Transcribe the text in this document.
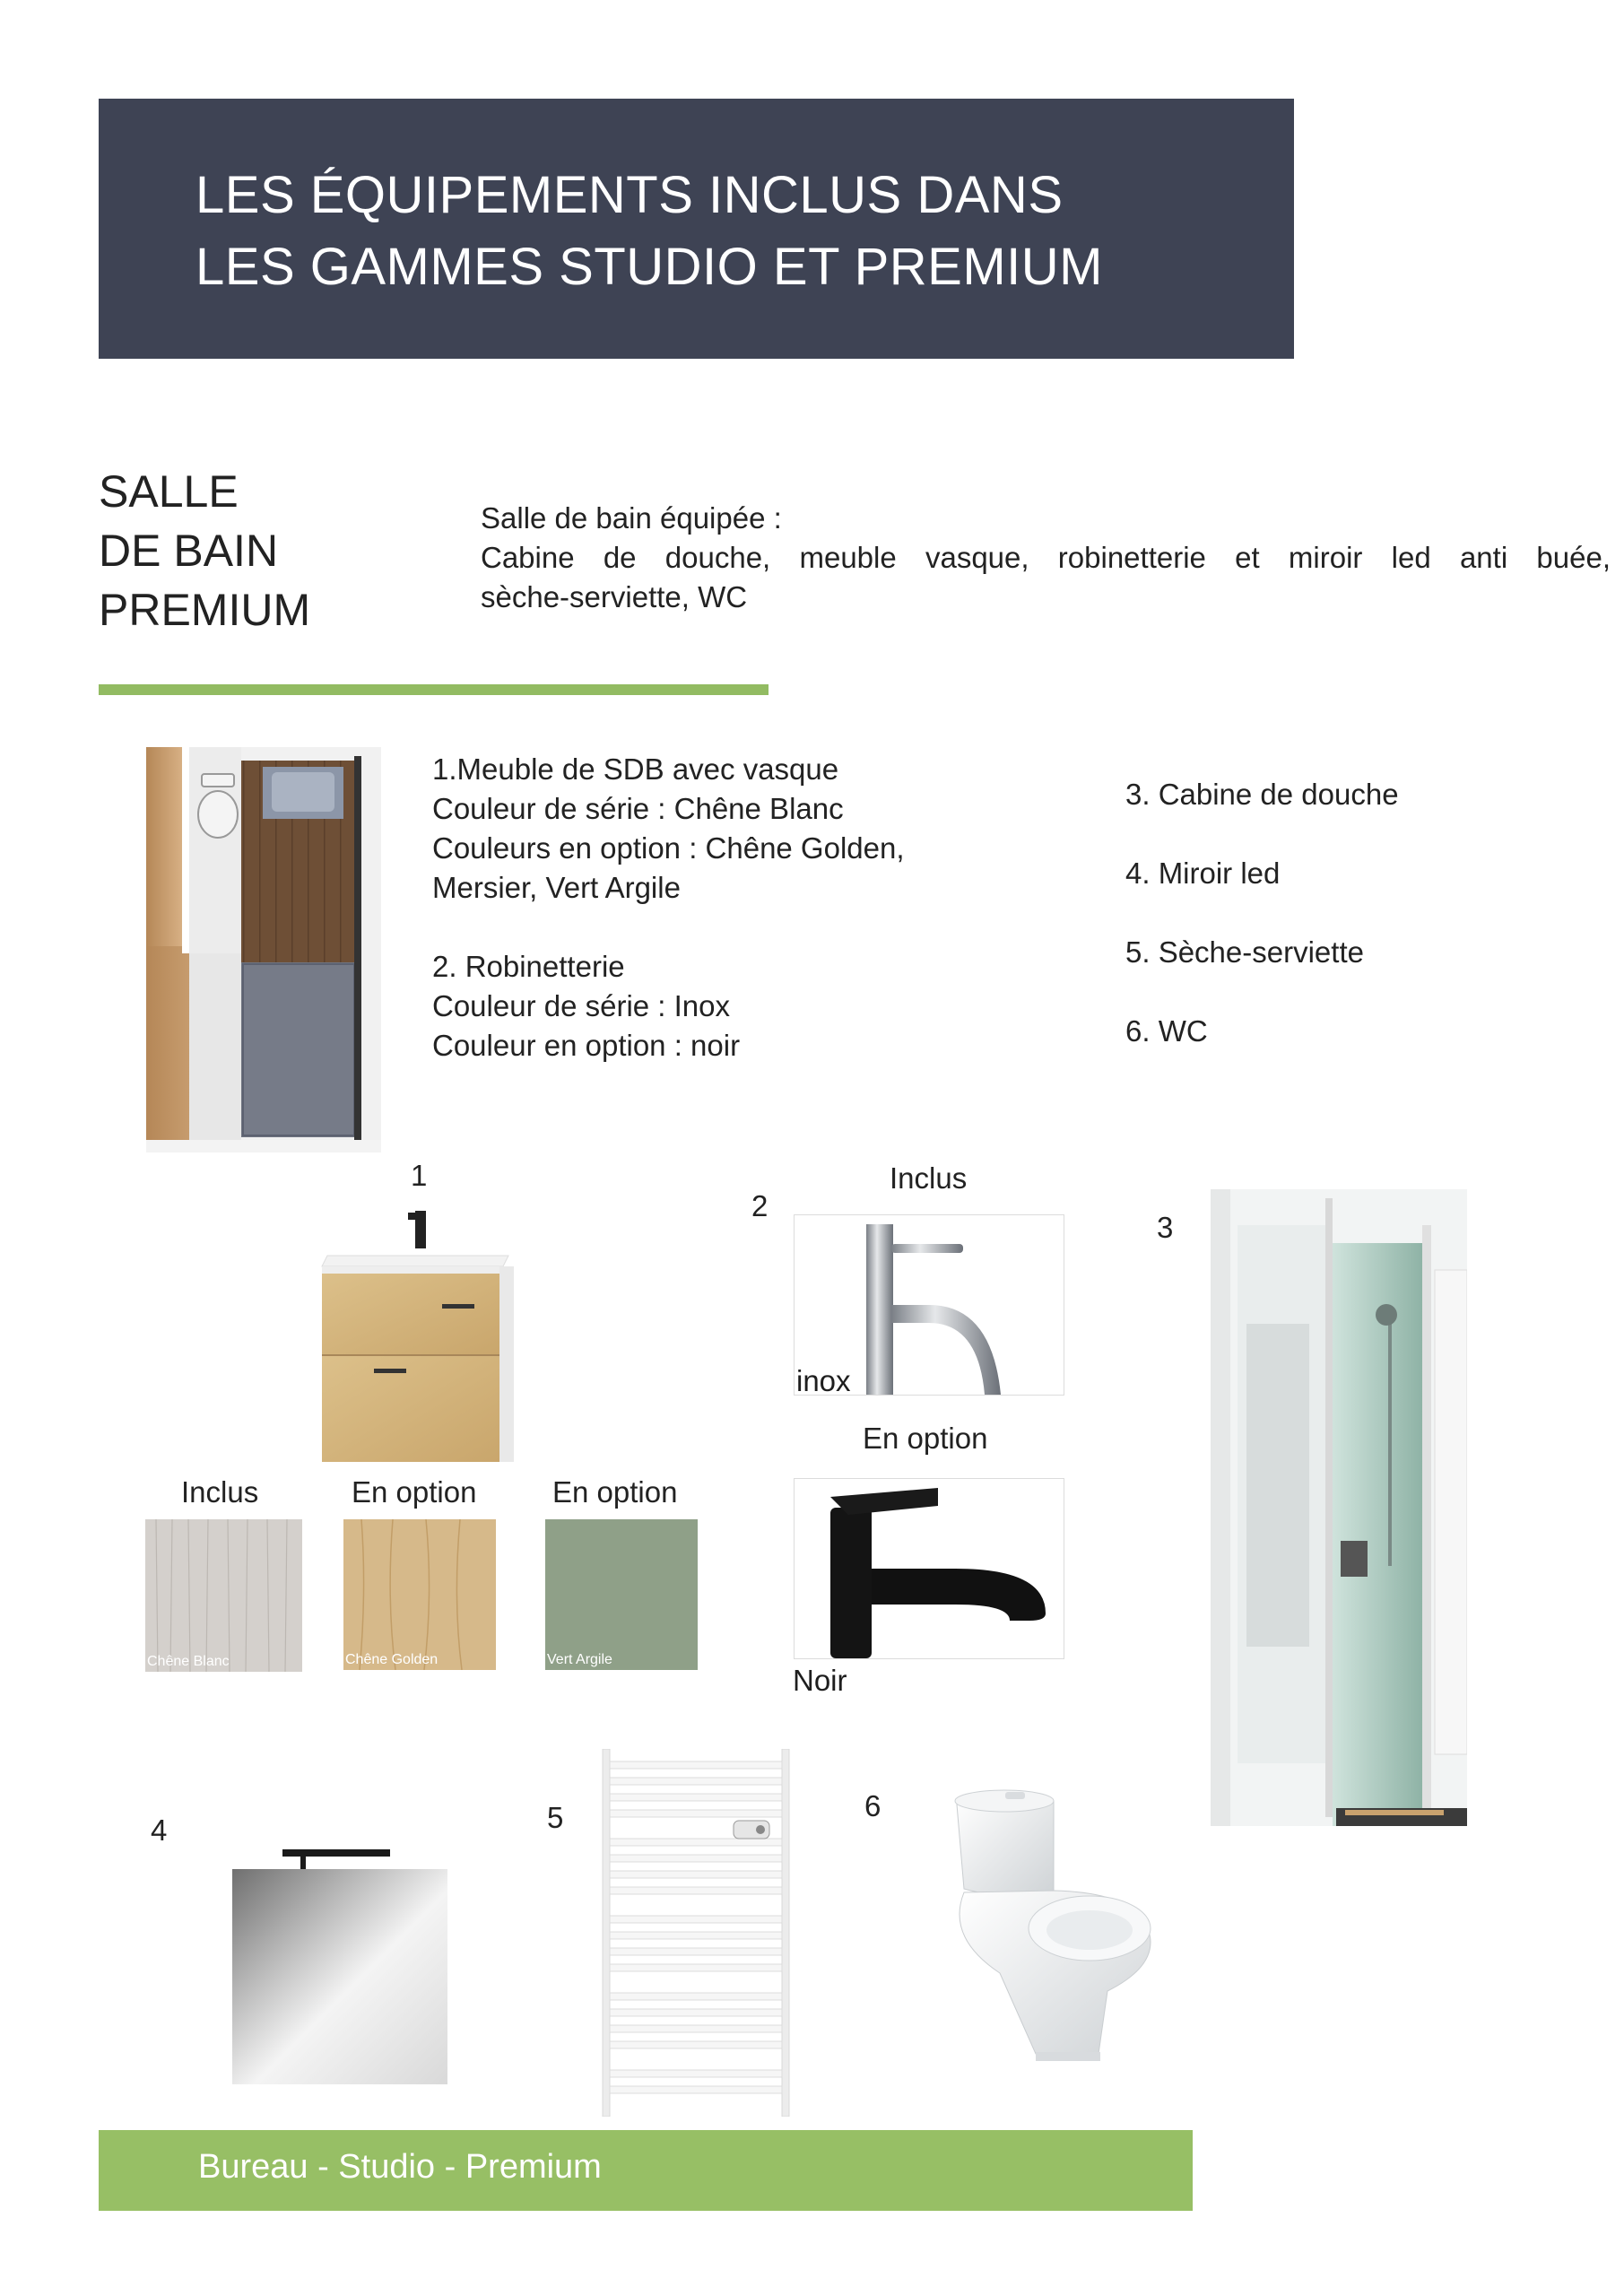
LES ÉQUIPEMENTS INCLUS DANS
LES GAMMES STUDIO ET PREMIUM
SALLE
DE BAIN
PREMIUM
Salle de bain équipée :
Cabine de douche, meuble vasque, robinetterie et miroir led anti buée,
sèche-serviette, WC
1.Meuble de SDB avec vasque
Couleur de série : Chêne Blanc
Couleurs en option : Chêne Golden,
Mersier, Vert Argile
2. Robinetterie
Couleur de série : Inox
Couleur en option : noir
3. Cabine de douche
4. Miroir led
5. Sèche-serviette
6. WC
1
2
3
4	5	6
Inclus	En option	En option
Chêne Blanc	Chêne Golden	Vert Argile
Inclus
inox
En option
Noir
Bureau - Studio - Premium
